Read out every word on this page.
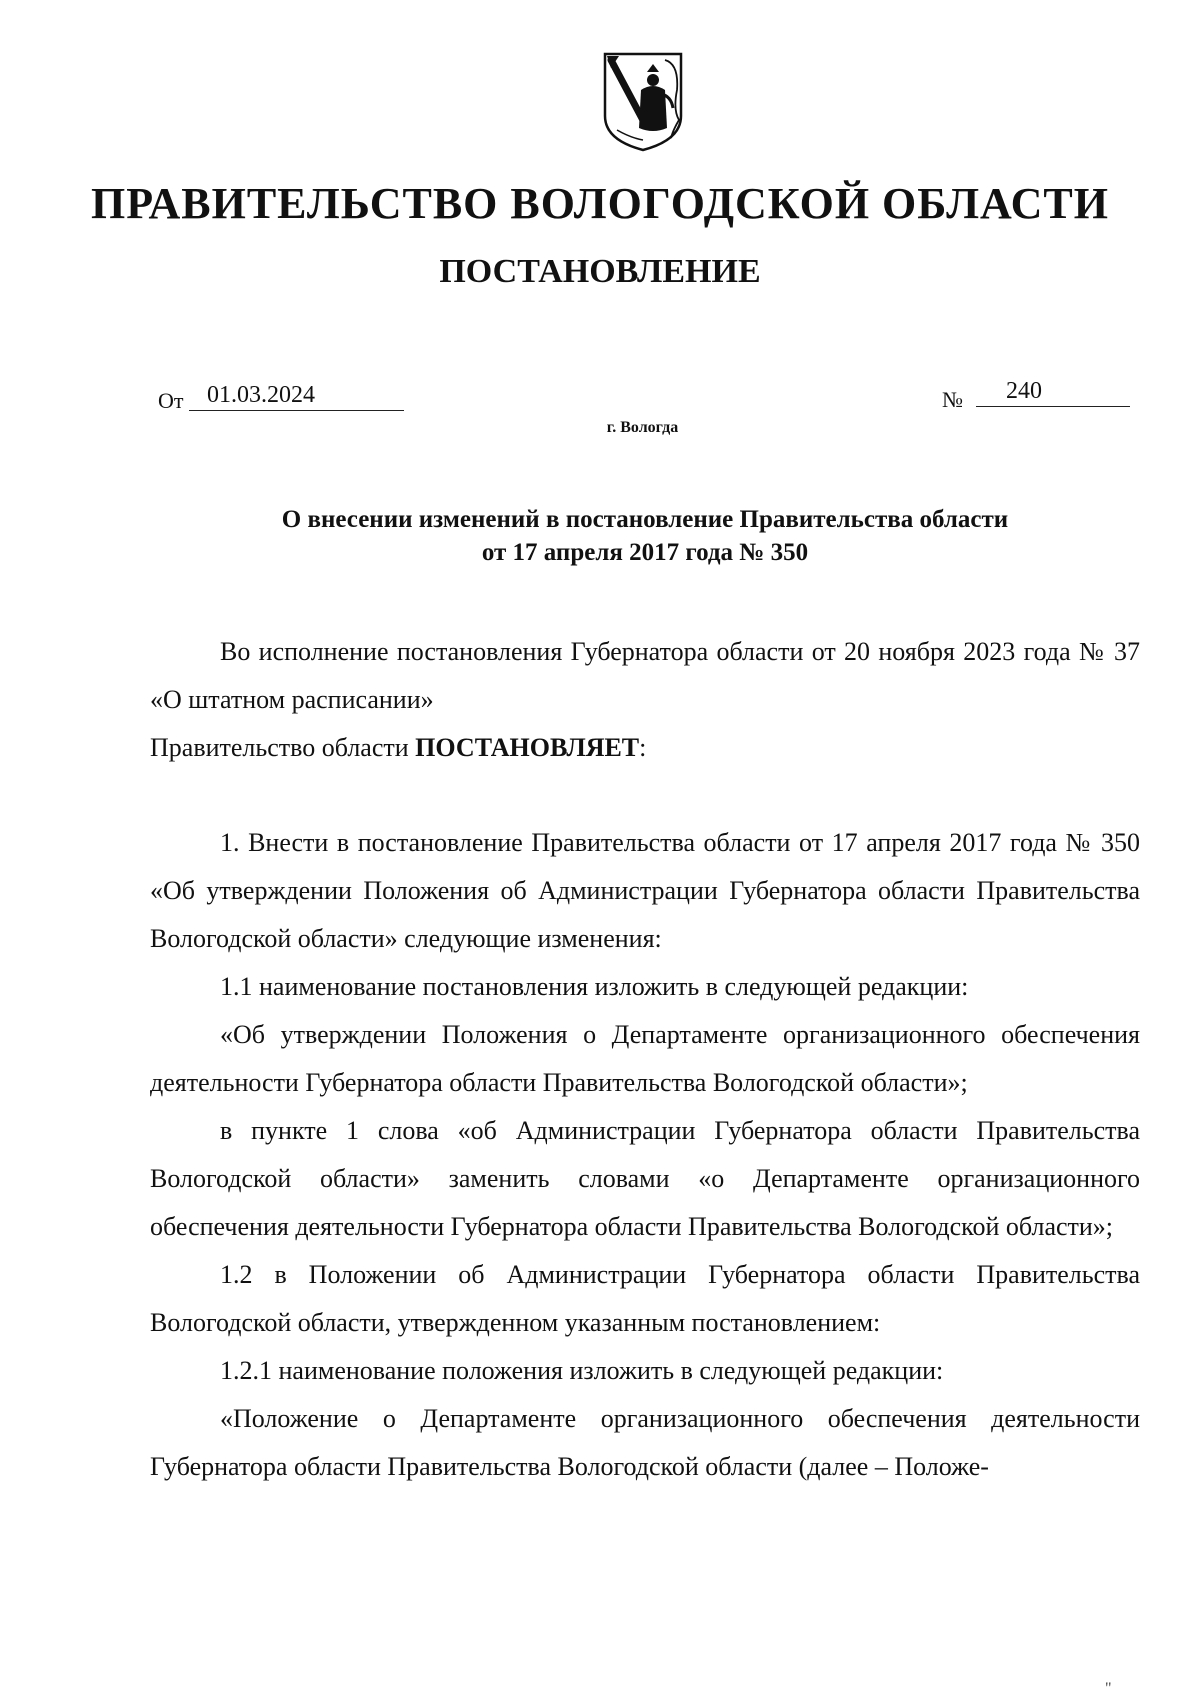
ПРАВИТЕЛЬСТВО ВОЛОГОДСКОЙ ОБЛАСТИ
ПОСТАНОВЛЕНИЕ
От 01.03.2024	№	240
г. Вологда
О внесении изменений в постановление Правительства области
от 17 апреля 2017 года № 350

Во исполнение постановления Губернатора области от 20 ноября 2023 года № 37 «О штатном расписании»

Правительство области ПОСТАНОВЛЯЕТ:

1. Внести в постановление Правительства области от 17 апреля 2017 года № 350 «Об утверждении Положения об Администрации Губернатора области Правительства Вологодской области» следующие изменения:

1.1 наименование постановления изложить в следующей редакции:

«Об утверждении Положения о Департаменте организационного обеспечения деятельности Губернатора области Правительства Вологодской области»;

в пункте 1 слова «об Администрации Губернатора области Правительства Вологодской области» заменить словами «о Департаменте организационного обеспечения деятельности Губернатора области Правительства Вологодской области»;

1.2 в Положении об Администрации Губернатора области Правительства Вологодской области, утвержденном указанным постановлением:

1.2.1 наименование положения изложить в следующей редакции:

«Положение о Департаменте организационного обеспечения деятельности Губернатора области Правительства Вологодской области (далее – Положе-

"
